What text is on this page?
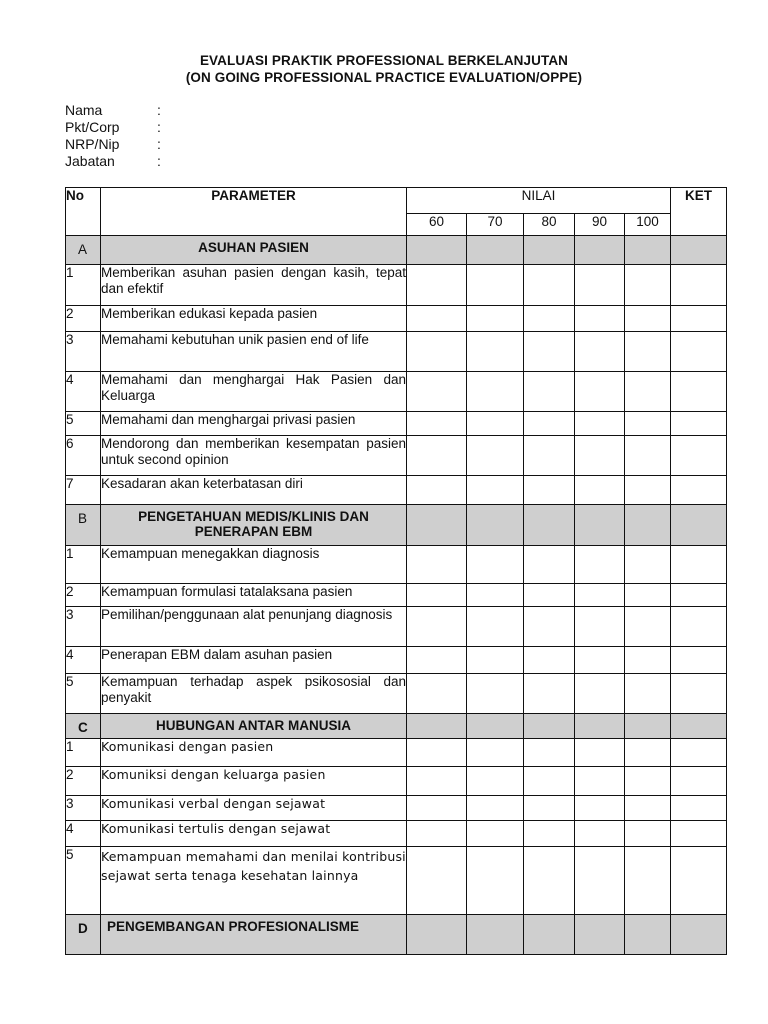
EVALUASI PRAKTIK PROFESSIONAL BERKELANJUTAN
(ON GOING PROFESSIONAL PRACTICE EVALUATION/OPPE)
Nama	:
Pkt/Corp	:
NRP/Nip	:
Jabatan	:
No	PARAMETER	NILAI					KET
		60	70	80	90	100	
A	ASUHAN PASIEN						
1	Memberikan asuhan pasien dengan kasih, tepat dan efektif						
2	Memberikan edukasi kepada pasien						
3	Memahami kebutuhan unik pasien end of life						
4	Memahami dan menghargai Hak Pasien dan Keluarga						
5	Memahami dan menghargai privasi pasien						
6	Mendorong dan memberikan kesempatan pasien untuk second opinion						
7	Kesadaran akan keterbatasan diri						
B	PENGETAHUAN MEDIS/KLINIS DAN PENERAPAN EBM						
1	Kemampuan menegakkan diagnosis						
2	Kemampuan formulasi tatalaksana pasien						
3	Pemilihan/penggunaan alat penunjang diagnosis						
4	Penerapan EBM dalam asuhan pasien						
5	Kemampuan terhadap aspek psikososial dan penyakit						
C	HUBUNGAN ANTAR MANUSIA						
1	Komunikasi dengan pasien						
2	Komuniksi dengan keluarga pasien						
3	Komunikasi verbal dengan sejawat						
4	Komunikasi tertulis dengan sejawat						
5	Kemampuan memahami dan menilai kontribusi sejawat serta tenaga kesehatan lainnya						
D	PENGEMBANGAN PROFESIONALISME						
